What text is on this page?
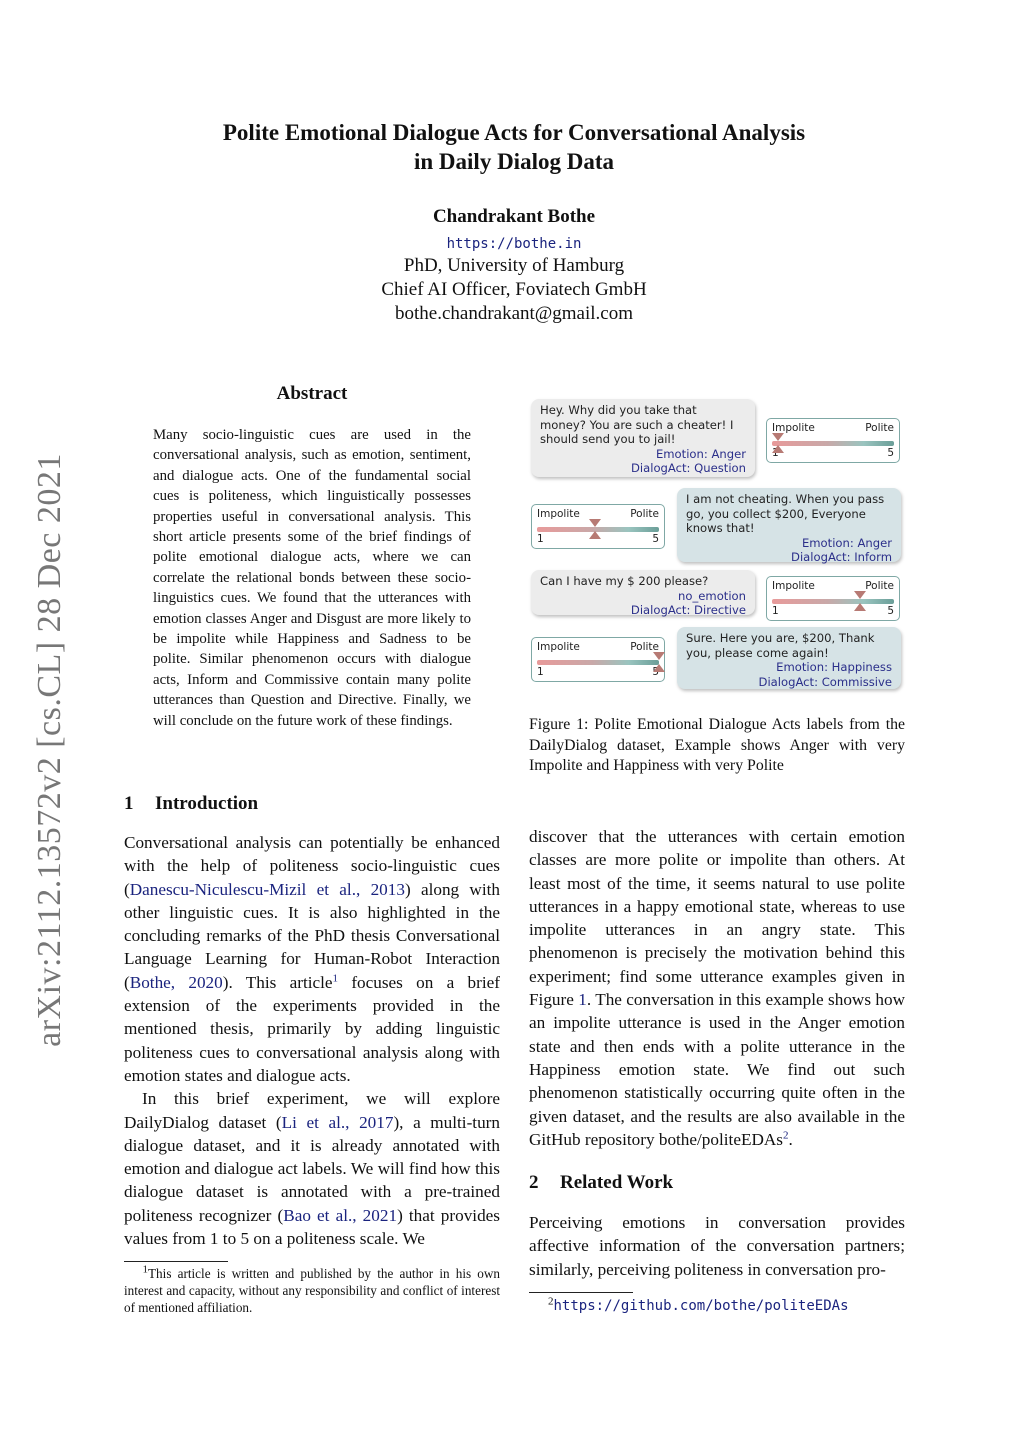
arXiv:2112.13572v2 [cs.CL] 28 Dec 2021
Polite Emotional Dialogue Acts for Conversational Analysis
in Daily Dialog Data
Chandrakant Bothe
https://bothe.in
PhD, University of Hamburg
Chief AI Officer, Foviatech GmbH
bothe.chandrakant@gmail.com
Abstract
Many socio-linguistic cues are used in the conversational analysis, such as emotion, sentiment, and dialogue acts. One of the fundamental social cues is politeness, which linguistically possesses properties useful in conversational analysis. This short article presents some of the brief findings of polite emotional dialogue acts, where we can correlate the relational bonds between these socio-linguistics cues. We found that the utterances with emotion classes Anger and Disgust are more likely to be impolite while Happiness and Sadness to be polite. Similar phenomenon occurs with dialogue acts, Inform and Commissive contain many polite utterances than Question and Directive. Finally, we will conclude on the future work of these findings.
1 Introduction

Conversational analysis can potentially be enhanced with the help of politeness socio-linguistic cues (Danescu-Niculescu-Mizil et al., 2013) along with other linguistic cues. It is also highlighted in the concluding remarks of the PhD thesis Conversational Language Learning for Human-Robot Interaction (Bothe, 2020). This article$^1$ focuses on a brief extension of the experiments provided in the mentioned thesis, primarily by adding linguistic politeness cues to conversational analysis along with emotion states and dialogue acts.

In this brief experiment, we will explore DailyDialog dataset (Li et al., 2017), a multi-turn dialogue dataset, and it is already annotated with emotion and dialogue act labels. We will find how this dialogue dataset is annotated with a pre-trained politeness recognizer (Bao et al., 2021) that provides values from 1 to 5 on a politeness scale. We

$^1$This article is written and published by the author in his own interest and capacity, without any responsibility and conflict of interest of mentioned affiliation.
Hey. Why did you take that money? You are such a cheater! I should send you to jail!
Emotion: Anger
DialogAct: Question
Impolite	Polite
1	5
Impolite	Polite
1	5
I am not cheating. When you pass go, you collect $200, Everyone knows that!
Emotion: Anger
DialogAct: Inform
Can I have my $ 200 please?
no_emotion
DialogAct: Directive
Impolite	Polite
1	5
Impolite	Polite
1	5
Sure. Here you are, $200, Thank you, please come again!
Emotion: Happiness
DialogAct: Commissive
Figure 1: Polite Emotional Dialogue Acts labels from the DailyDialog dataset, Example shows Anger with very Impolite and Happiness with very Polite
discover that the utterances with certain emotion classes are more polite or impolite than others. At least most of the time, it seems natural to use polite utterances in a happy emotional state, whereas to use impolite utterances in an angry state. This phenomenon is precisely the motivation behind this experiment; find some utterance examples given in Figure 1. The conversation in this example shows how an impolite utterance is used in the Anger emotion state and then ends with a polite utterance in the Happiness emotion state. We find out such phenomenon statistically occurring quite often in the given dataset, and the results are also available in the GitHub repository bothe/politeEDAs$^2$.
2 Related Work
Perceiving emotions in conversation provides affective information of the conversation partners; similarly, perceiving politeness in conversation pro-
$^2$https://github.com/bothe/politeEDAs
